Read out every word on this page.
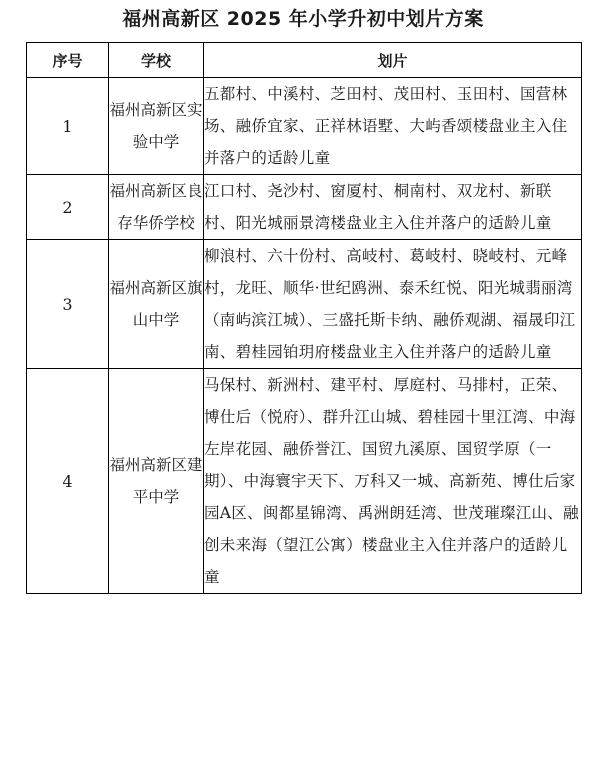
福州高新区 2025 年小学升初中划片方案
序号	学校	划片
1	福州高新区实验中学	五都村、中溪村、芝田村、茂田村、玉田村、国营林场、融侨宜家、正祥林语墅、大屿香颂楼盘业主入住并落户的适龄儿童
2	福州高新区良存华侨学校	江口村、尧沙村、窗厦村、桐南村、双龙村、新联村、阳光城丽景湾楼盘业主入住并落户的适龄儿童
3	福州高新区旗山中学	柳浪村、六十份村、高岐村、葛岐村、晓岐村、元峰村，龙旺、顺华·世纪鸥洲、泰禾红悦、阳光城翡丽湾（南屿滨江城）、三盛托斯卡纳、融侨观湖、福晟印江南、碧桂园铂玥府楼盘业主入住并落户的适龄儿童
4	福州高新区建平中学	马保村、新洲村、建平村、厚庭村、马排村，正荣、博仕后（悦府）、群升江山城、碧桂园十里江湾、中海左岸花园、融侨誉江、国贸九溪原、国贸学原（一期）、中海寰宇天下、万科又一城、高新苑、博仕后家园A区、闽都星锦湾、禹洲朗廷湾、世茂璀璨江山、融创未来海（望江公寓）楼盘业主入住并落户的适龄儿童
